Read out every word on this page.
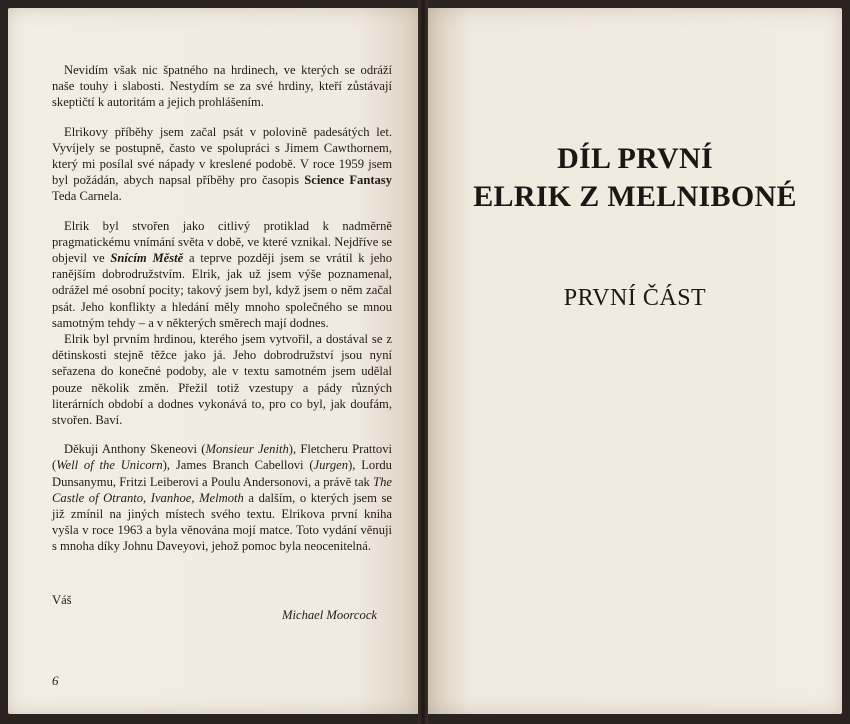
Nevidím však nic špatného na hrdinech, ve kterých se odráží naše touhy i slabosti. Nestydím se za své hrdiny, kteří zůstávají skeptičtí k autoritám a jejich prohlášením.

Elrikovy příběhy jsem začal psát v polovině padesátých let. Vyvíjely se postupně, často ve spolupráci s Jimem Cawthornem, který mi posílal své nápady v kreslené podobě. V roce 1959 jsem byl požádán, abych napsal příběhy pro časopis Science Fantasy Teda Carnela.

Elrik byl stvořen jako citlivý protiklad k nadměrně pragmatickému vnímání světa v době, ve které vznikal. Nejdříve se objevil ve Snícím Městě a teprve později jsem se vrátil k jeho ranějším dobrodružstvím. Elrik, jak už jsem výše poznamenal, odrážel mé osobní pocity; takový jsem byl, když jsem o něm začal psát. Jeho konflikty a hledání měly mnoho společného se mnou samotným tehdy – a v některých směrech mají dodnes.

Elrik byl prvním hrdinou, kterého jsem vytvořil, a dostával se z dětinskosti stejně těžce jako já. Jeho dobrodružství jsou nyní seřazena do konečné podoby, ale v textu samotném jsem udělal pouze několik změn. Přežil totiž vzestupy a pády různých literárních období a dodnes vykonává to, pro co byl, jak doufám, stvořen. Baví.

Děkuji Anthony Skeneovi (Monsieur Jenith), Fletcheru Prattovi (Well of the Unicorn), James Branch Cabellovi (Jurgen), Lordu Dunsanymu, Fritzi Leiberovi a Poulu Andersonovi, a právě tak The Castle of Otranto, Ivanhoe, Melmoth a dalším, o kterých jsem se již zmínil na jiných místech svého textu. Elrikova první kniha vyšla v roce 1963 a byla věnována mojí matce. Toto vydání věnuji s mnoha díky Johnu Daveyovi, jehož pomoc byla neocenitelná.

Váš
Michael Moorcock
6
DÍL PRVNÍ
ELRIK Z MELNIBONÉ
PRVNÍ ČÁST
